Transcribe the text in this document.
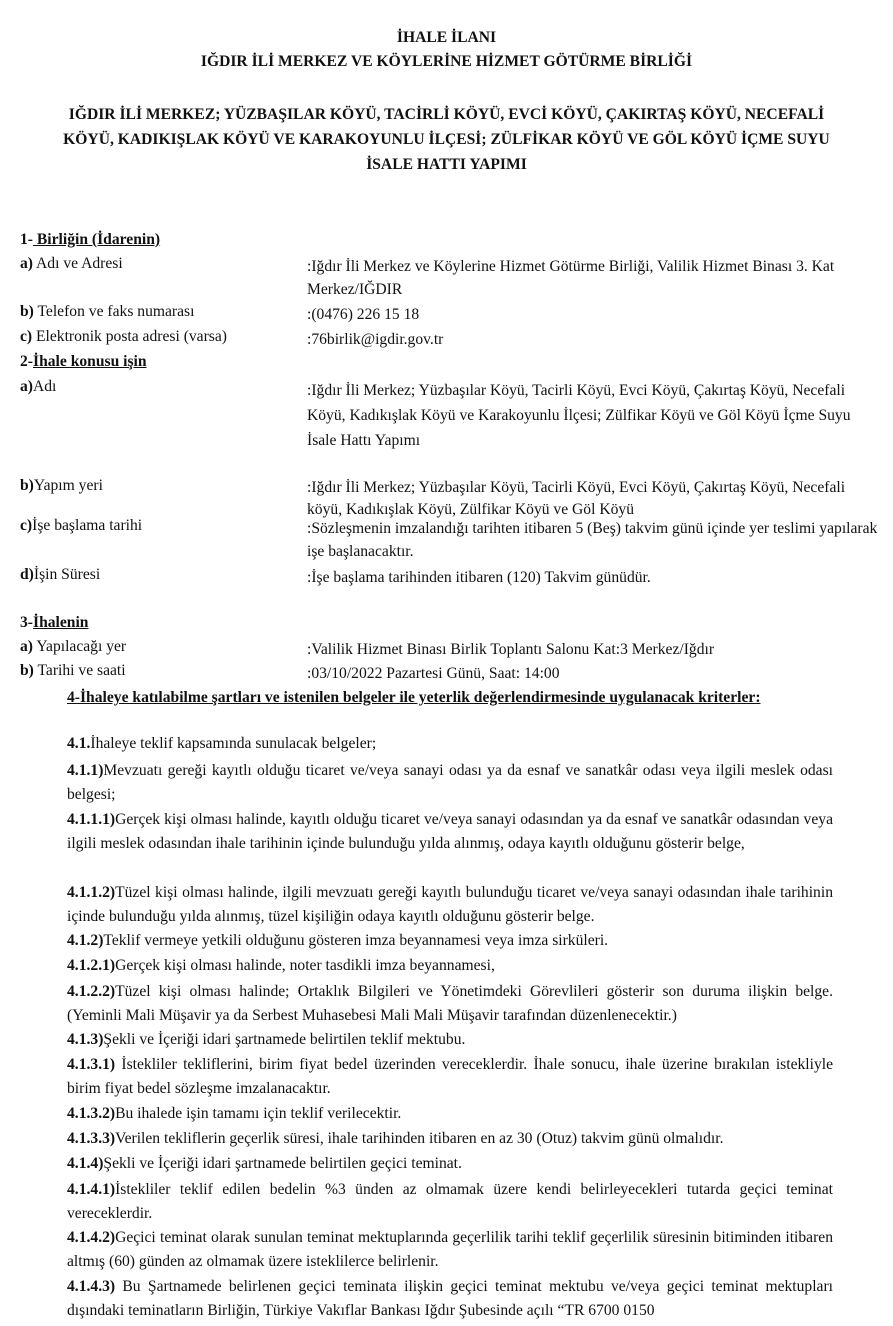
İHALE İLANI
IĞDIR İLİ MERKEZ VE KÖYLERİNE HİZMET GÖTÜRME BİRLİĞİ
IĞDIR İLİ MERKEZ; YÜZBAŞILAR KÖYÜ, TACİRLİ KÖYÜ, EVCİ KÖYÜ, ÇAKIRTAŞ KÖYÜ, NECEFALİ KÖYÜ, KADIKIŞLAK KÖYÜ VE KARAKOYUNLU İLÇESİ; ZÜLFİKAR KÖYÜ VE GÖL KÖYÜ İÇME SUYU İSALE HATTI YAPIMI
1- Birliğin (İdarenin)
a) Adı ve Adresi	:Iğdır İli Merkez ve Köylerine Hizmet Götürme Birliği, Valilik Hizmet Binası 3. Kat Merkez/IĞDIR
b) Telefon ve faks numarası	:(0476) 226 15 18
c) Elektronik posta adresi (varsa)	:76birlik@igdir.gov.tr
2-İhale konusu işin
a)Adı	:Iğdır İli Merkez; Yüzbaşılar Köyü, Tacirli Köyü, Evci Köyü, Çakırtaş Köyü, Necefali Köyü, Kadıkışlak Köyü ve Karakoyunlu İlçesi; Zülfikar Köyü ve Göl Köyü İçme Suyu İsale Hattı Yapımı
b)Yapım yeri	:Iğdır İli Merkez; Yüzbaşılar Köyü, Tacirli Köyü, Evci Köyü, Çakırtaş Köyü, Necefali köyü, Kadıkışlak Köyü, Zülfikar Köyü ve Göl Köyü
c)İşe başlama tarihi	:Sözleşmenin imzalandığı tarihten itibaren 5 (Beş) takvim günü içinde yer teslimi yapılarak işe başlanacaktır.
d)İşin Süresi	:İşe başlama tarihinden itibaren (120) Takvim günüdür.
3-İhalenin
a) Yapılacağı yer	:Valilik Hizmet Binası Birlik Toplantı Salonu Kat:3 Merkez/Iğdır
b) Tarihi ve saati	:03/10/2022 Pazartesi Günü, Saat: 14:00
4-İhaleye katılabilme şartları ve istenilen belgeler ile yeterlik değerlendirmesinde uygulanacak kriterler:
4.1.İhaleye teklif kapsamında sunulacak belgeler;
4.1.1)Mevzuatı gereği kayıtlı olduğu ticaret ve/veya sanayi odası ya da esnaf ve sanatkâr odası veya ilgili meslek odası belgesi;
4.1.1.1)Gerçek kişi olması halinde, kayıtlı olduğu ticaret ve/veya sanayi odasından ya da esnaf ve sanatkâr odasından veya ilgili meslek odasından ihale tarihinin içinde bulunduğu yılda alınmış, odaya kayıtlı olduğunu gösterir belge,
4.1.1.2)Tüzel kişi olması halinde, ilgili mevzuatı gereği kayıtlı bulunduğu ticaret ve/veya sanayi odasından ihale tarihinin içinde bulunduğu yılda alınmış, tüzel kişiliğin odaya kayıtlı olduğunu gösterir belge.
4.1.2)Teklif vermeye yetkili olduğunu gösteren imza beyannamesi veya imza sirküleri.
4.1.2.1)Gerçek kişi olması halinde, noter tasdikli imza beyannamesi,
4.1.2.2)Tüzel kişi olması halinde; Ortaklık Bilgileri ve Yönetimdeki Görevlileri gösterir son duruma ilişkin belge. (Yeminli Mali Müşavir ya da Serbest Muhasebesi Mali Mali Müşavir tarafından düzenlenecektir.)
4.1.3)Şekli ve İçeriği idari şartnamede belirtilen teklif mektubu.
4.1.3.1) İstekliler tekliflerini, birim fiyat bedel üzerinden vereceklerdir. İhale sonucu, ihale üzerine bırakılan istekliyle birim fiyat bedel sözleşme imzalanacaktır.
4.1.3.2)Bu ihalede işin tamamı için teklif verilecektir.
4.1.3.3)Verilen tekliflerin geçerlik süresi, ihale tarihinden itibaren en az 30 (Otuz) takvim günü olmalıdır.
4.1.4)Şekli ve İçeriği idari şartnamede belirtilen geçici teminat.
4.1.4.1)İstekliler teklif edilen bedelin %3 ünden az olmamak üzere kendi belirleyecekleri tutarda geçici teminat vereceklerdir.
4.1.4.2)Geçici teminat olarak sunulan teminat mektuplarında geçerlilik tarihi teklif geçerlilik süresinin bitiminden itibaren altmış (60) günden az olmamak üzere isteklilerce belirlenir.
4.1.4.3) Bu Şartnamede belirlenen geçici teminata ilişkin geçici teminat mektubu ve/veya geçici teminat mektupları dışındaki teminatların Birliğin, Türkiye Vakıflar Bankası Iğdır Şubesinde açılı “TR 6700 0150
